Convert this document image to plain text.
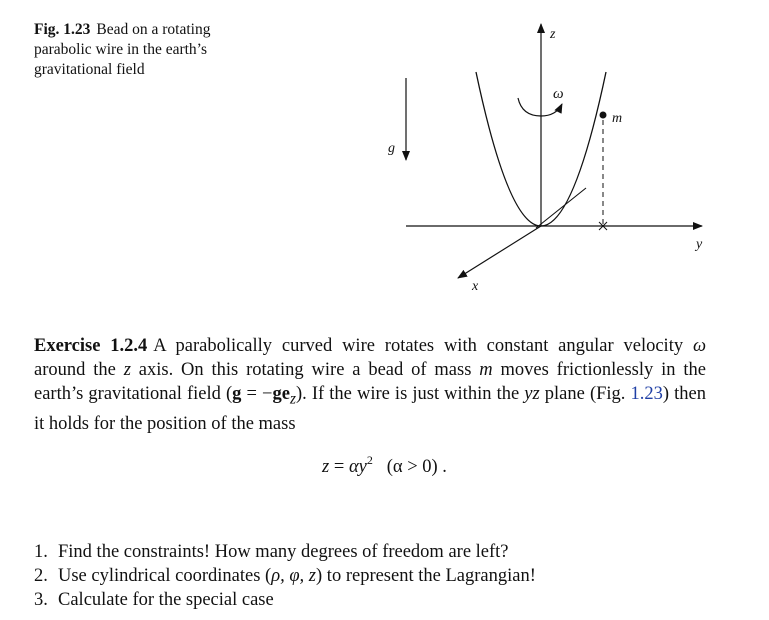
Fig. 1.23 Bead on a rotating parabolic wire in the earth’s gravitational field
z
y
x
g
ω
m
Exercise 1.2.4 A parabolically curved wire rotates with constant angular velocity ω around the z axis. On this rotating wire a bead of mass m moves frictionlessly in the earth’s gravitational field $(g = -ge_z)$. If the wire is just within the yz plane (Fig. 1.23) then it holds for the position of the mass
$z = \alpha y^2$   (α > 0) .
1. Find the constraints! How many degrees of freedom are left?
2. Use cylindrical coordinates (ρ, φ, z) to represent the Lagrangian!
3. Calculate for the special case
